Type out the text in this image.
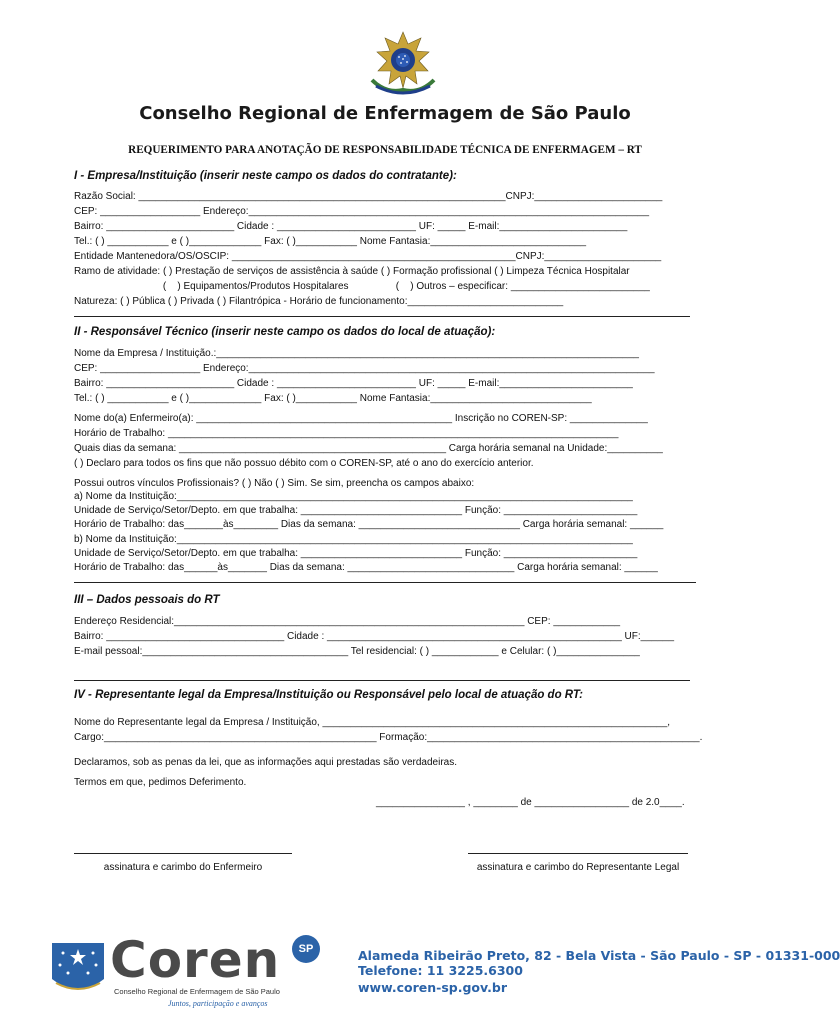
Conselho Regional de Enfermagem de São Paulo
REQUERIMENTO PARA ANOTAÇÃO DE RESPONSABILIDADE TÉCNICA DE ENFERMAGEM – RT
I - Empresa/Instituição (inserir neste campo os dados do contratante):
Razão Social: __________________________________________________________________CNPJ:_______________________
CEP: __________________ Endereço:________________________________________________________________________
Bairro: _______________________ Cidade : _________________________ UF: _____ E-mail:_______________________
Tel.: ( ) ___________ e ( )_____________ Fax: ( )___________ Nome Fantasia:____________________________
Entidade Mantenedora/OS/OSCIP: ___________________________________________________CNPJ:_____________________
Ramo de atividade: ( ) Prestação de serviços de assistência à saúde ( ) Formação profissional ( ) Limpeza Técnica Hospitalar
(    ) Equipamentos/Produtos Hospitalares                 (    ) Outros – especificar: _________________________
Natureza: ( ) Pública ( ) Privada ( ) Filantrópica - Horário de funcionamento:____________________________
II - Responsável Técnico (inserir neste campo os dados do local de atuação):
Nome da Empresa / Instituição.:____________________________________________________________________________
CEP: __________________ Endereço:_________________________________________________________________________
Bairro: _______________________ Cidade : _________________________ UF: _____ E-mail:________________________
Tel.: ( ) ___________ e ( )_____________ Fax: ( )___________ Nome Fantasia:_____________________________
Nome do(a) Enfermeiro(a): ______________________________________________ Inscrição no COREN-SP: ______________
Horário de Trabalho: _________________________________________________________________________________
Quais dias da semana: ________________________________________________ Carga horária semanal na Unidade:__________
( ) Declaro para todos os fins que não possuo débito com o COREN-SP, até o ano do exercício anterior.
Possui outros vínculos Profissionais? ( ) Não ( ) Sim. Se sim, preencha os campos abaixo:
a) Nome da Instituição:__________________________________________________________________________________
Unidade de Serviço/Setor/Depto. em que trabalha: _____________________________ Função: ________________________
Horário de Trabalho: das_______às________ Dias da semana: _____________________________ Carga horária semanal: ______
b) Nome da Instituição:__________________________________________________________________________________
Unidade de Serviço/Setor/Depto. em que trabalha: _____________________________ Função: ________________________
Horário de Trabalho: das______às_______ Dias da semana: ______________________________ Carga horária semanal: ______
III – Dados pessoais do RT
Endereço Residencial:_______________________________________________________________ CEP: ____________
Bairro: ________________________________ Cidade : _____________________________________________________ UF:______
E-mail pessoal:_____________________________________ Tel residencial: ( ) ____________ e Celular: ( )_______________
IV - Representante legal da Empresa/Instituição ou Responsável pelo local de atuação do RT:
Nome do Representante legal da Empresa / Instituição, ______________________________________________________________,
Cargo:_________________________________________________ Formação:_________________________________________________.
Declaramos, sob as penas da lei, que as informações aqui prestadas são verdadeiras.
Termos em que, pedimos Deferimento.
________________ , ________ de _________________ de 2.0____.
assinatura e carimbo do Enfermeiro	assinatura e carimbo do Representante Legal
Coren	SP
Conselho Regional de Enfermagem de São Paulo
Juntos, participação e avanços
Alameda Ribeirão Preto, 82 - Bela Vista - São Paulo - SP - 01331-000
Telefone: 11 3225.6300
www.coren-sp.gov.br
